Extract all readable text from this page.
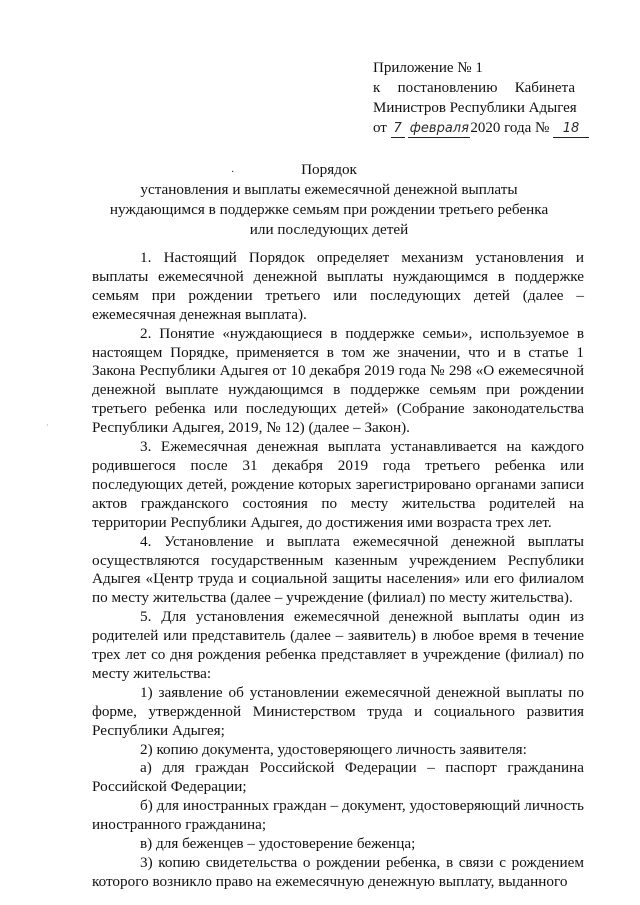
Приложение № 1
к постановлению Кабинета
Министров Республики Адыгея
от 7 февраля2020 года № 18
·	Порядок
установления и выплаты ежемесячной денежной выплаты
нуждающимся в поддержке семьям при рождении третьего ребенка
или последующих детей
·

1. Настоящий Порядок определяет механизм установления и выплаты ежемесячной денежной выплаты нуждающимся в поддержке семьям при рождении третьего или последующих детей (далее – ежемесячная денежная выплата).

2. Понятие «нуждающиеся в поддержке семьи», используемое в настоящем Порядке, применяется в том же значении, что и в статье 1 Закона Республики Адыгея от 10 декабря 2019 года № 298 «О ежемесячной денежной выплате нуждающимся в поддержке семьям при рождении третьего ребенка или последующих детей» (Собрание законодательства Республики Адыгея, 2019, № 12) (далее – Закон).

3. Ежемесячная денежная выплата устанавливается на каждого родившегося после 31 декабря 2019 года третьего ребенка или последующих детей, рождение которых зарегистрировано органами записи актов гражданского состояния по месту жительства родителей на территории Республики Адыгея, до достижения ими возраста трех лет.

4. Установление и выплата ежемесячной денежной выплаты осуществляются государственным казенным учреждением Республики Адыгея «Центр труда и социальной защиты населения» или его филиалом по месту жительства (далее – учреждение (филиал) по месту жительства).

5. Для установления ежемесячной денежной выплаты один из родителей или представитель (далее – заявитель) в любое время в течение трех лет со дня рождения ребенка представляет в учреждение (филиал) по месту жительства:

1) заявление об установлении ежемесячной денежной выплаты по форме, утвержденной Министерством труда и социального развития Республики Адыгея;

2) копию документа, удостоверяющего личность заявителя:

а) для граждан Российской Федерации – паспорт гражданина Российской Федерации;

б) для иностранных граждан – документ, удостоверяющий личность иностранного гражданина;

в) для беженцев – удостоверение беженца;

3) копию свидетельства о рождении ребенка, в связи с рождением которого возникло право на ежемесячную денежную выплату, выданного
